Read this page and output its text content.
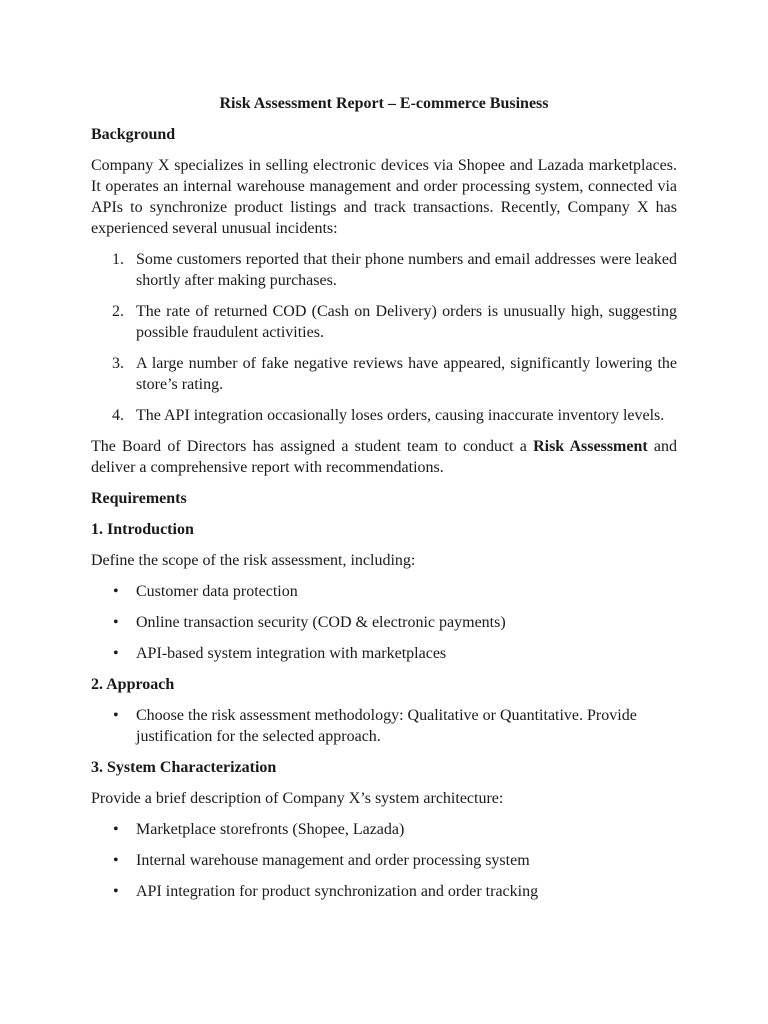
Risk Assessment Report – E-commerce Business
Background

Company X specializes in selling electronic devices via Shopee and Lazada marketplaces. It operates an internal warehouse management and order processing system, connected via APIs to synchronize product listings and track transactions. Recently, Company X has experienced several unusual incidents:

1. Some customers reported that their phone numbers and email addresses were leaked shortly after making purchases.
2. The rate of returned COD (Cash on Delivery) orders is unusually high, suggesting possible fraudulent activities.
3. A large number of fake negative reviews have appeared, significantly lowering the store’s rating.
4. The API integration occasionally loses orders, causing inaccurate inventory levels.

The Board of Directors has assigned a student team to conduct a Risk Assessment and deliver a comprehensive report with recommendations.

Requirements
1. Introduction

Define the scope of the risk assessment, including:

•	Customer data protection
•	Online transaction security (COD & electronic payments)
•	API-based system integration with marketplaces
2. Approach
•	Choose the risk assessment methodology: Qualitative or Quantitative. Provide justification for the selected approach.
3. System Characterization

Provide a brief description of Company X’s system architecture:

•	Marketplace storefronts (Shopee, Lazada)
•	Internal warehouse management and order processing system
•	API integration for product synchronization and order tracking
